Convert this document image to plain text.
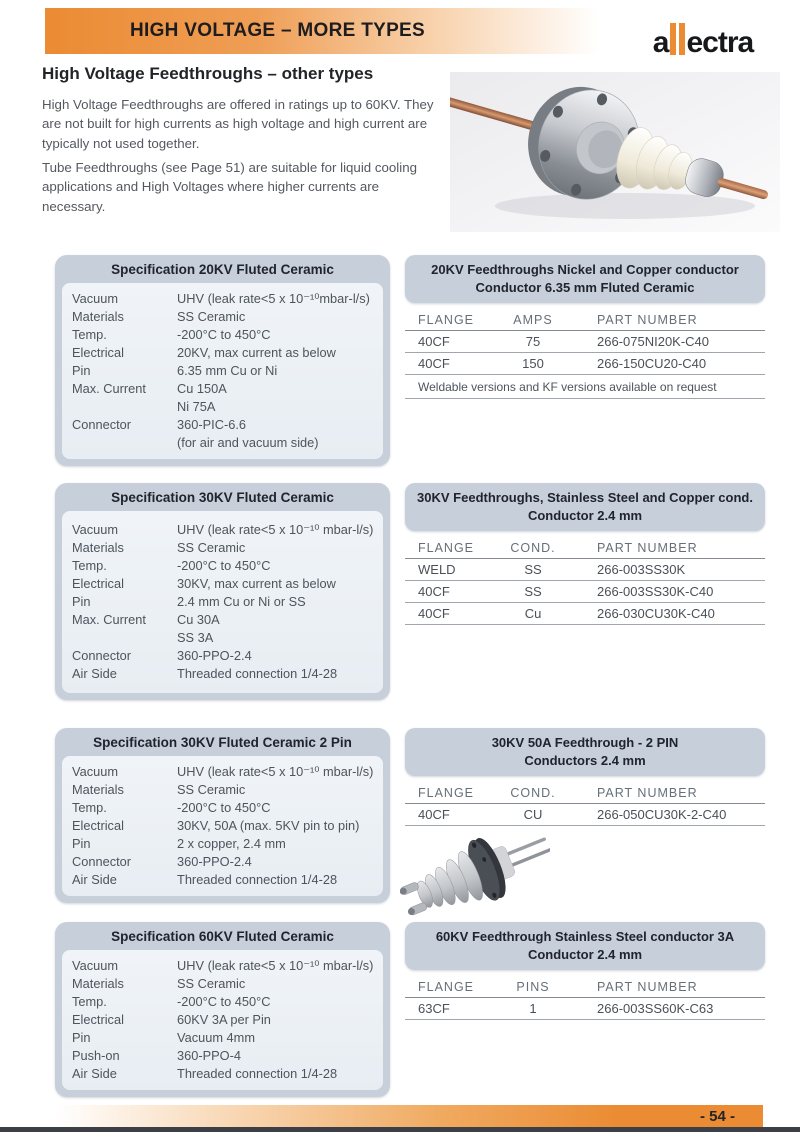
HIGH VOLTAGE – MORE TYPES	a ectra
High Voltage Feedthroughs – other types
High Voltage Feedthroughs are offered in ratings up to 60KV. They are not built for high currents as high voltage and high current are typically not used together.
Tube Feedthroughs (see Page 51) are suitable for liquid cooling applications and High Voltages where higher currents are necessary.
Specification 20KV Fluted Ceramic
Vacuum	UHV (leak rate<5 x 10⁻¹⁰mbar-l/s)
Materials	SS Ceramic
Temp.	-200°C to 450°C
Electrical	20KV, max current as below
Pin	6.35 mm Cu or Ni
Max. Current	Cu 150A
Ni 75A
Connector	360-PIC-6.6
(for air and vacuum side)
20KV Feedthroughs Nickel and Copper conductor
Conductor 6.35 mm Fluted Ceramic
FLANGE	AMPS	PART NUMBER
40CF	75	266-075NI20K-C40
40CF	150	266-150CU20-C40
Weldable versions and KF versions available on request
Specification 30KV Fluted Ceramic
Vacuum	UHV (leak rate<5 x 10⁻¹⁰ mbar-l/s)
Materials	SS Ceramic
Temp.	-200°C to 450°C
Electrical	30KV, max current as below
Pin	2.4 mm Cu or Ni or SS
Max. Current	Cu 30A
SS 3A
Connector	360-PPO-2.4
Air Side	Threaded connection 1/4-28
30KV Feedthroughs, Stainless Steel and Copper cond.
Conductor 2.4 mm
FLANGE	COND.	PART NUMBER
WELD	SS	266-003SS30K
40CF	SS	266-003SS30K-C40
40CF	Cu	266-030CU30K-C40
Specification 30KV Fluted Ceramic 2 Pin
Vacuum	UHV (leak rate<5 x 10⁻¹⁰ mbar-l/s)
Materials	SS Ceramic
Temp.	-200°C to 450°C
Electrical	30KV, 50A (max. 5KV pin to pin)
Pin	2 x copper, 2.4 mm
Connector	360-PPO-2.4
Air Side	Threaded connection 1/4-28
30KV 50A Feedthrough - 2 PIN
Conductors 2.4 mm
FLANGE	COND.	PART NUMBER
40CF	CU	266-050CU30K-2-C40
Specification 60KV Fluted Ceramic
Vacuum	UHV (leak rate<5 x 10⁻¹⁰ mbar-l/s)
Materials	SS Ceramic
Temp.	-200°C to 450°C
Electrical	60KV 3A per Pin
Pin	Vacuum 4mm
Push-on	360-PPO-4
Air Side	Threaded connection 1/4-28
60KV Feedthrough Stainless Steel conductor 3A
Conductor 2.4 mm
FLANGE	PINS	PART NUMBER
63CF	1	266-003SS60K-C63
- 54 -
